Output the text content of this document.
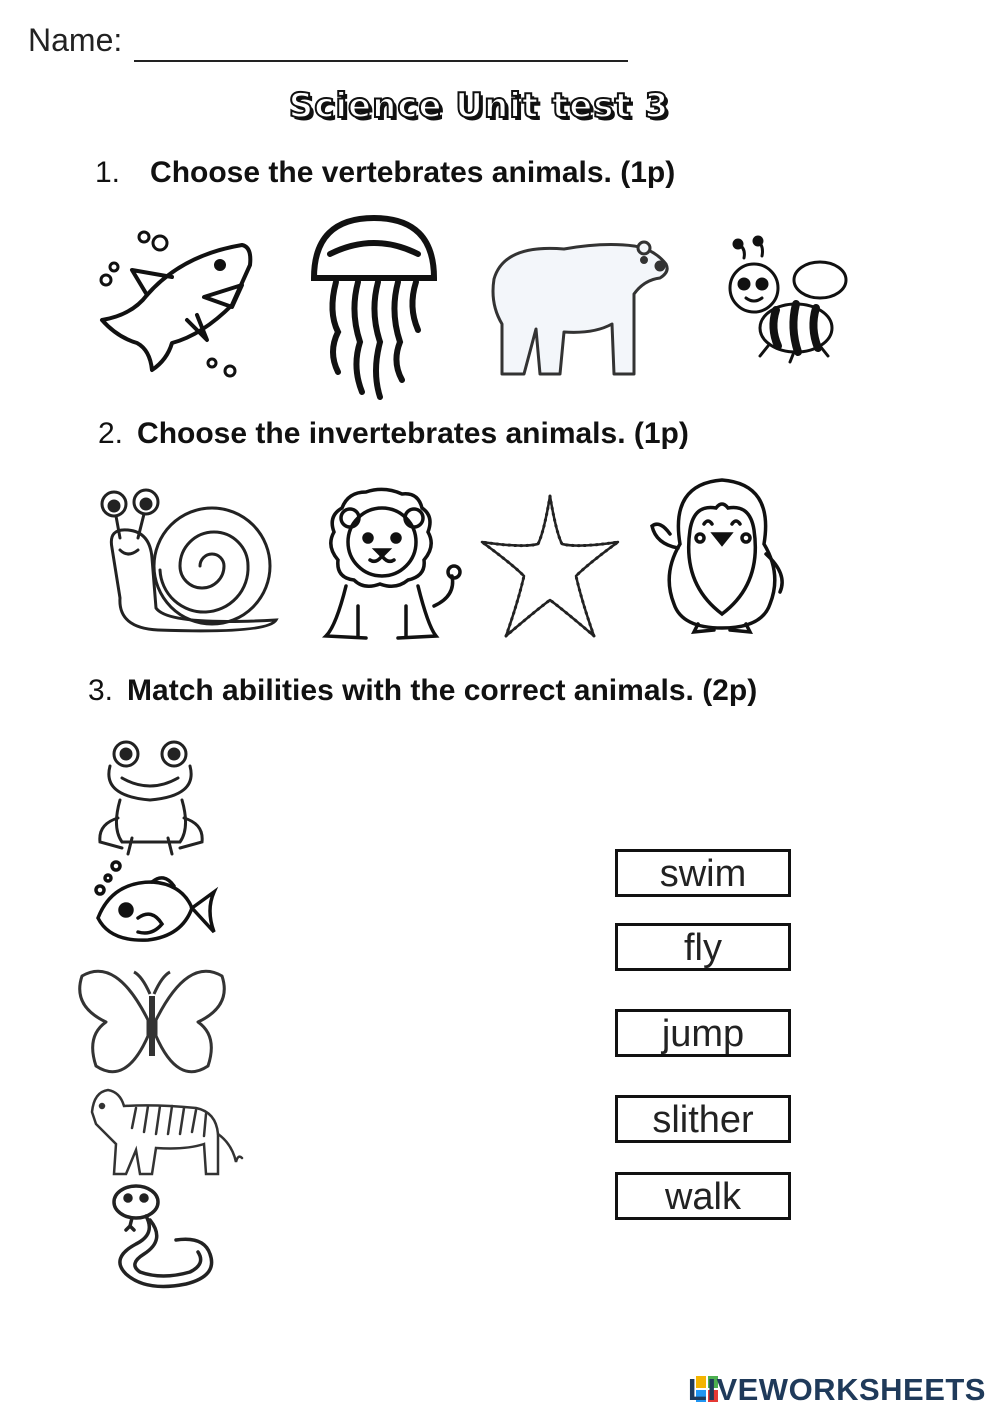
Name:
Science Unit test 3
1. Choose the vertebrates animals. (1p)
2. Choose the invertebrates animals. (1p)
3. Match abilities with the correct animals. (2p)
swim
fly
jump
slither
walk
LIVEWORKSHEETS
